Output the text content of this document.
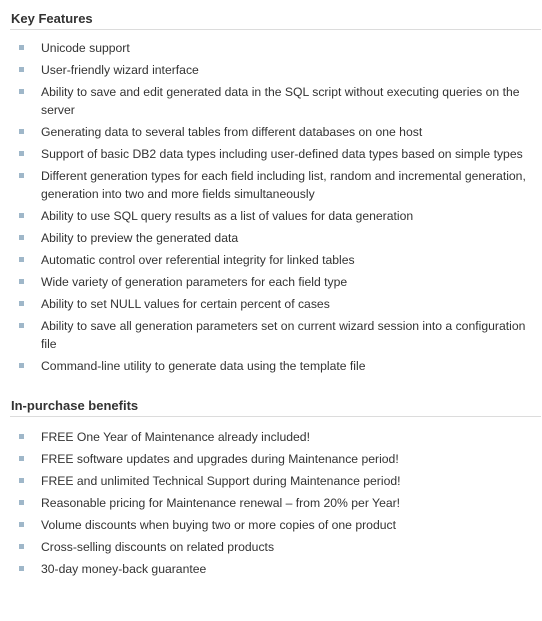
Key Features
Unicode support
User-friendly wizard interface
Ability to save and edit generated data in the SQL script without executing queries on the server
Generating data to several tables from different databases on one host
Support of basic DB2 data types including user-defined data types based on simple types
Different generation types for each field including list, random and incremental generation, generation into two and more fields simultaneously
Ability to use SQL query results as a list of values for data generation
Ability to preview the generated data
Automatic control over referential integrity for linked tables
Wide variety of generation parameters for each field type
Ability to set NULL values for certain percent of cases
Ability to save all generation parameters set on current wizard session into a configuration file
Command-line utility to generate data using the template file
In-purchase benefits
FREE One Year of Maintenance already included!
FREE software updates and upgrades during Maintenance period!
FREE and unlimited Technical Support during Maintenance period!
Reasonable pricing for Maintenance renewal – from 20% per Year!
Volume discounts when buying two or more copies of one product
Cross-selling discounts on related products
30-day money-back guarantee
